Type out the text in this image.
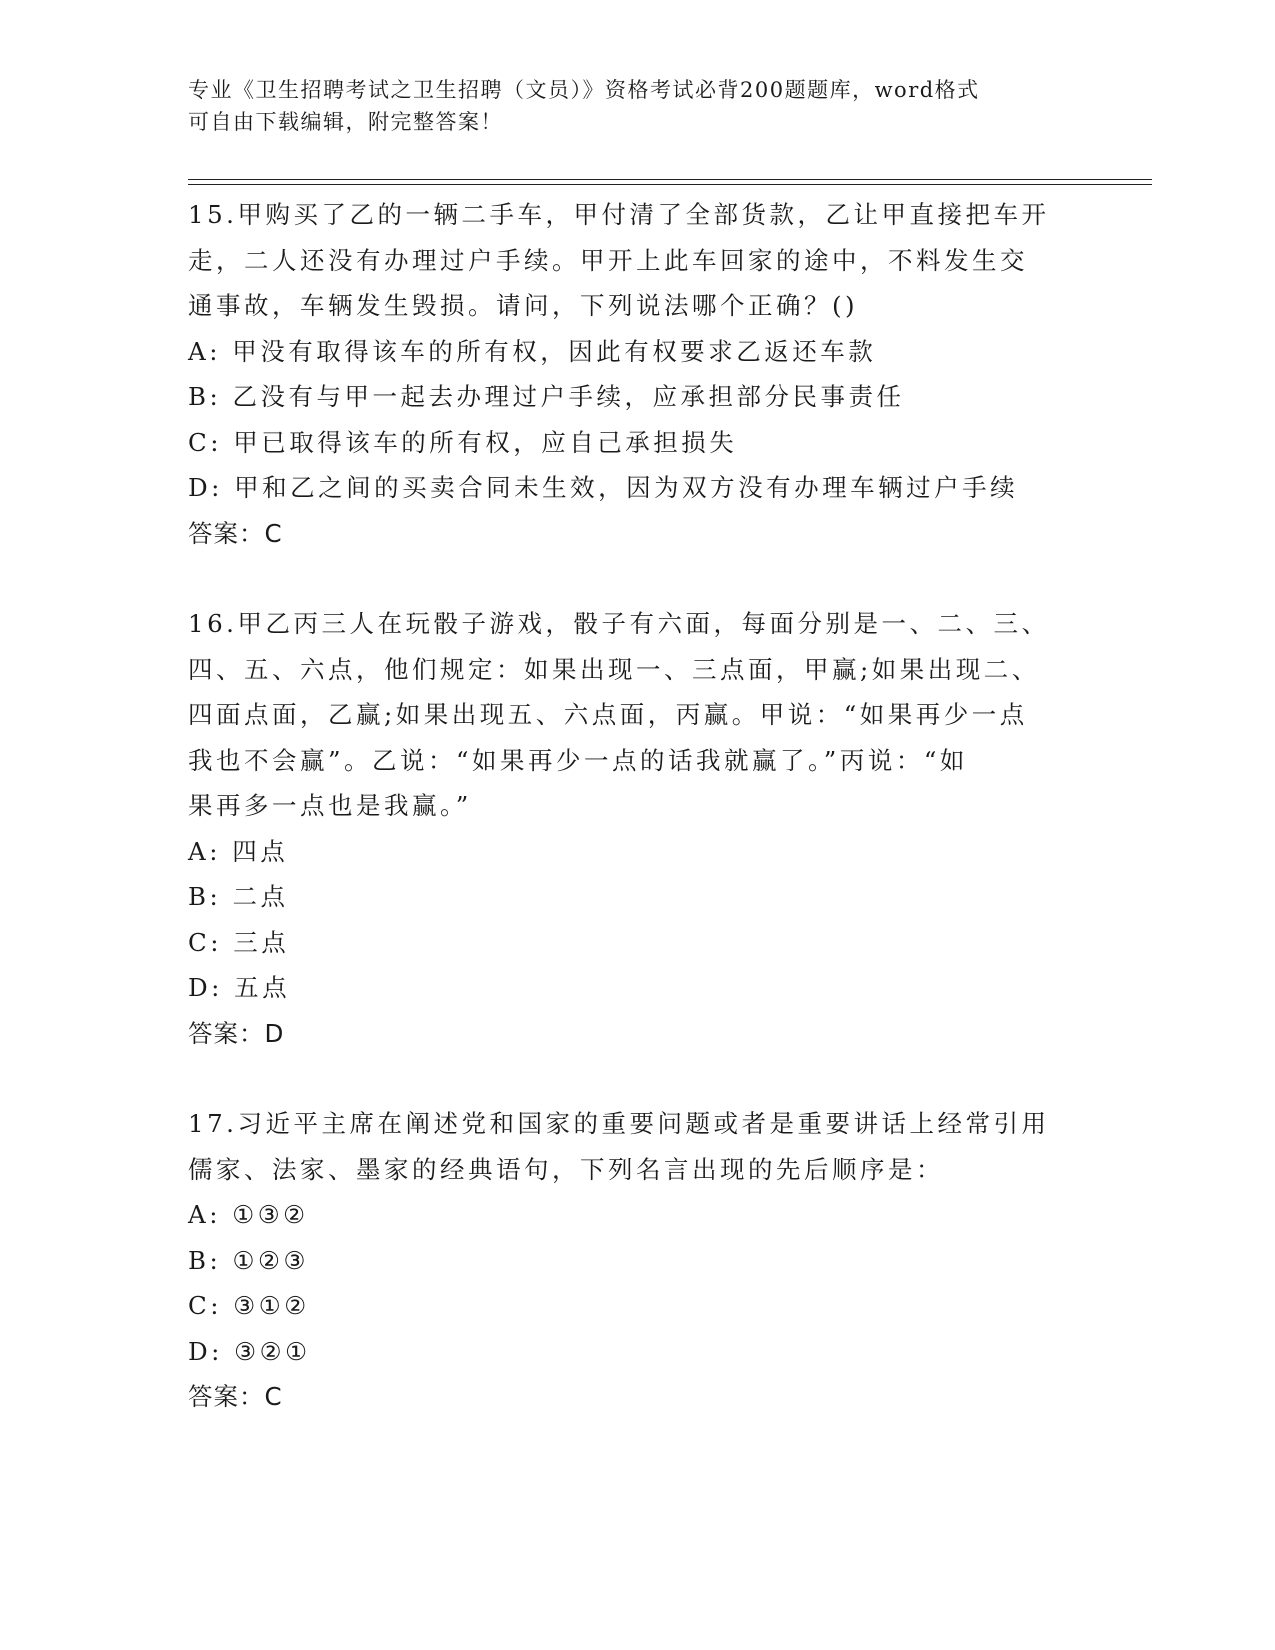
专业《卫生招聘考试之卫生招聘（文员）》资格考试必背200题题库，word格式
可自由下载编辑，附完整答案！

15.甲购买了乙的一辆二手车，甲付清了全部货款，乙让甲直接把车开

走，二人还没有办理过户手续。甲开上此车回家的途中，不料发生交

通事故，车辆发生毁损。请问，下列说法哪个正确？()

A: 甲没有取得该车的所有权，因此有权要求乙返还车款

B: 乙没有与甲一起去办理过户手续，应承担部分民事责任

C: 甲已取得该车的所有权，应自己承担损失

D: 甲和乙之间的买卖合同未生效，因为双方没有办理车辆过户手续

答案：C

16.甲乙丙三人在玩骰子游戏，骰子有六面，每面分别是一、二、三、

四、五、六点，他们规定：如果出现一、三点面，甲赢;如果出现二、

四面点面，乙赢;如果出现五、六点面，丙赢。甲说：“如果再少一点

我也不会赢”。乙说：“如果再少一点的话我就赢了。”丙说：“如

果再多一点也是我赢。”

A: 四点

B: 二点

C: 三点

D: 五点

答案：D

17.习近平主席在阐述党和国家的重要问题或者是重要讲话上经常引用

儒家、法家、墨家的经典语句，下列名言出现的先后顺序是：

A: ①③②

B: ①②③

C: ③①②

D: ③②①

答案：C
